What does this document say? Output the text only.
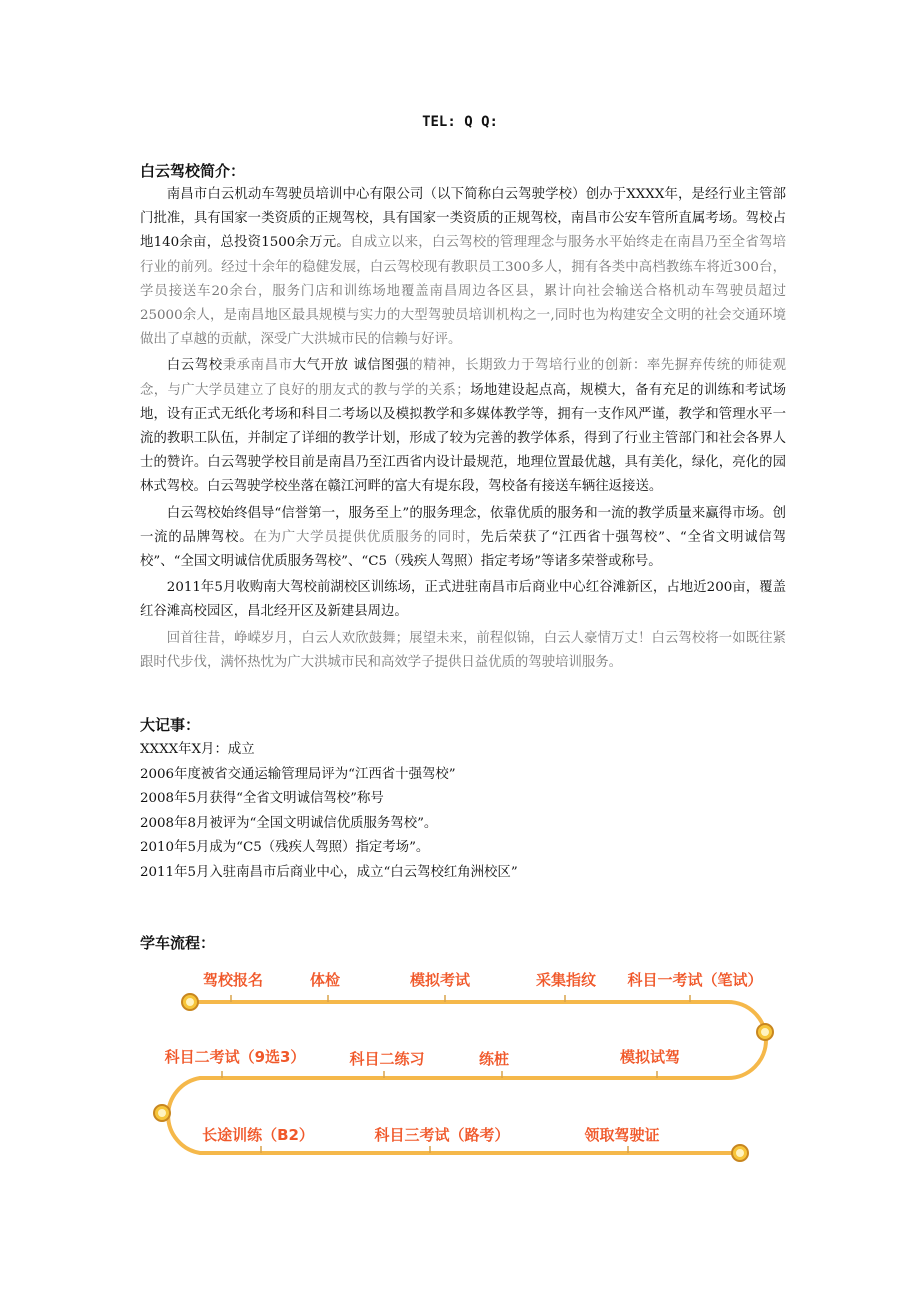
TEL: Q Q:
白云驾校简介：

南昌市白云机动车驾驶员培训中心有限公司（以下简称白云驾驶学校）创办于XXXX年，是经行业主管部门批准，具有国家一类资质的正规驾校，具有国家一类资质的正规驾校，南昌市公安车管所直属考场。驾校占地140余亩，总投资1500余万元。自成立以来，白云驾校的管理理念与服务水平始终走在南昌乃至全省驾培行业的前列。经过十余年的稳健发展，白云驾校现有教职员工300多人，拥有各类中高档教练车将近300台，学员接送车20余台，服务门店和训练场地覆盖南昌周边各区县，累计向社会输送合格机动车驾驶员超过25000余人，是南昌地区最具规模与实力的大型驾驶员培训机构之一,同时也为构建安全文明的社会交通环境做出了卓越的贡献，深受广大洪城市民的信赖与好评。

白云驾校秉承南昌市大气开放 诚信图强的精神，长期致力于驾培行业的创新：率先摒弃传统的师徒观念，与广大学员建立了良好的朋友式的教与学的关系；场地建设起点高，规模大，备有充足的训练和考试场地，设有正式无纸化考场和科目二考场以及模拟教学和多媒体教学等，拥有一支作风严谨，教学和管理水平一流的教职工队伍，并制定了详细的教学计划，形成了较为完善的教学体系，得到了行业主管部门和社会各界人士的赞许。白云驾驶学校目前是南昌乃至江西省内设计最规范，地理位置最优越，具有美化，绿化，亮化的园林式驾校。白云驾驶学校坐落在赣江河畔的富大有堤东段，驾校备有接送车辆往返接送。

白云驾校始终倡导“信誉第一，服务至上”的服务理念，依靠优质的服务和一流的教学质量来赢得市场。创一流的品牌驾校。在为广大学员提供优质服务的同时，先后荣获了“江西省十强驾校”、“全省文明诚信驾校”、“全国文明诚信优质服务驾校”、“C5（残疾人驾照）指定考场”等诸多荣誉或称号。

2011年5月收购南大驾校前湖校区训练场，正式进驻南昌市后商业中心红谷滩新区，占地近200亩，覆盖红谷滩高校园区，昌北经开区及新建县周边。

回首往昔，峥嵘岁月，白云人欢欣鼓舞；展望未来，前程似锦，白云人豪情万丈！白云驾校将一如既往紧跟时代步伐，满怀热忱为广大洪城市民和高效学子提供日益优质的驾驶培训服务。

大记事：
XXXX年X月：成立
2006年度被省交通运输管理局评为“江西省十强驾校”
2008年5月获得“全省文明诚信驾校”称号
2008年8月被评为“全国文明诚信优质服务驾校”。
2010年5月成为“C5（残疾人驾照）指定考场”。
2011年5月入驻南昌市后商业中心，成立“白云驾校红角洲校区”
学车流程：
驾校报名	体检	模拟考试	采集指纹 科目一考试（笔试）
科目二考试（9选3）	科目二练习	练桩	模拟试驾
长途训练（B2）	科目三考试（路考）	领取驾驶证
